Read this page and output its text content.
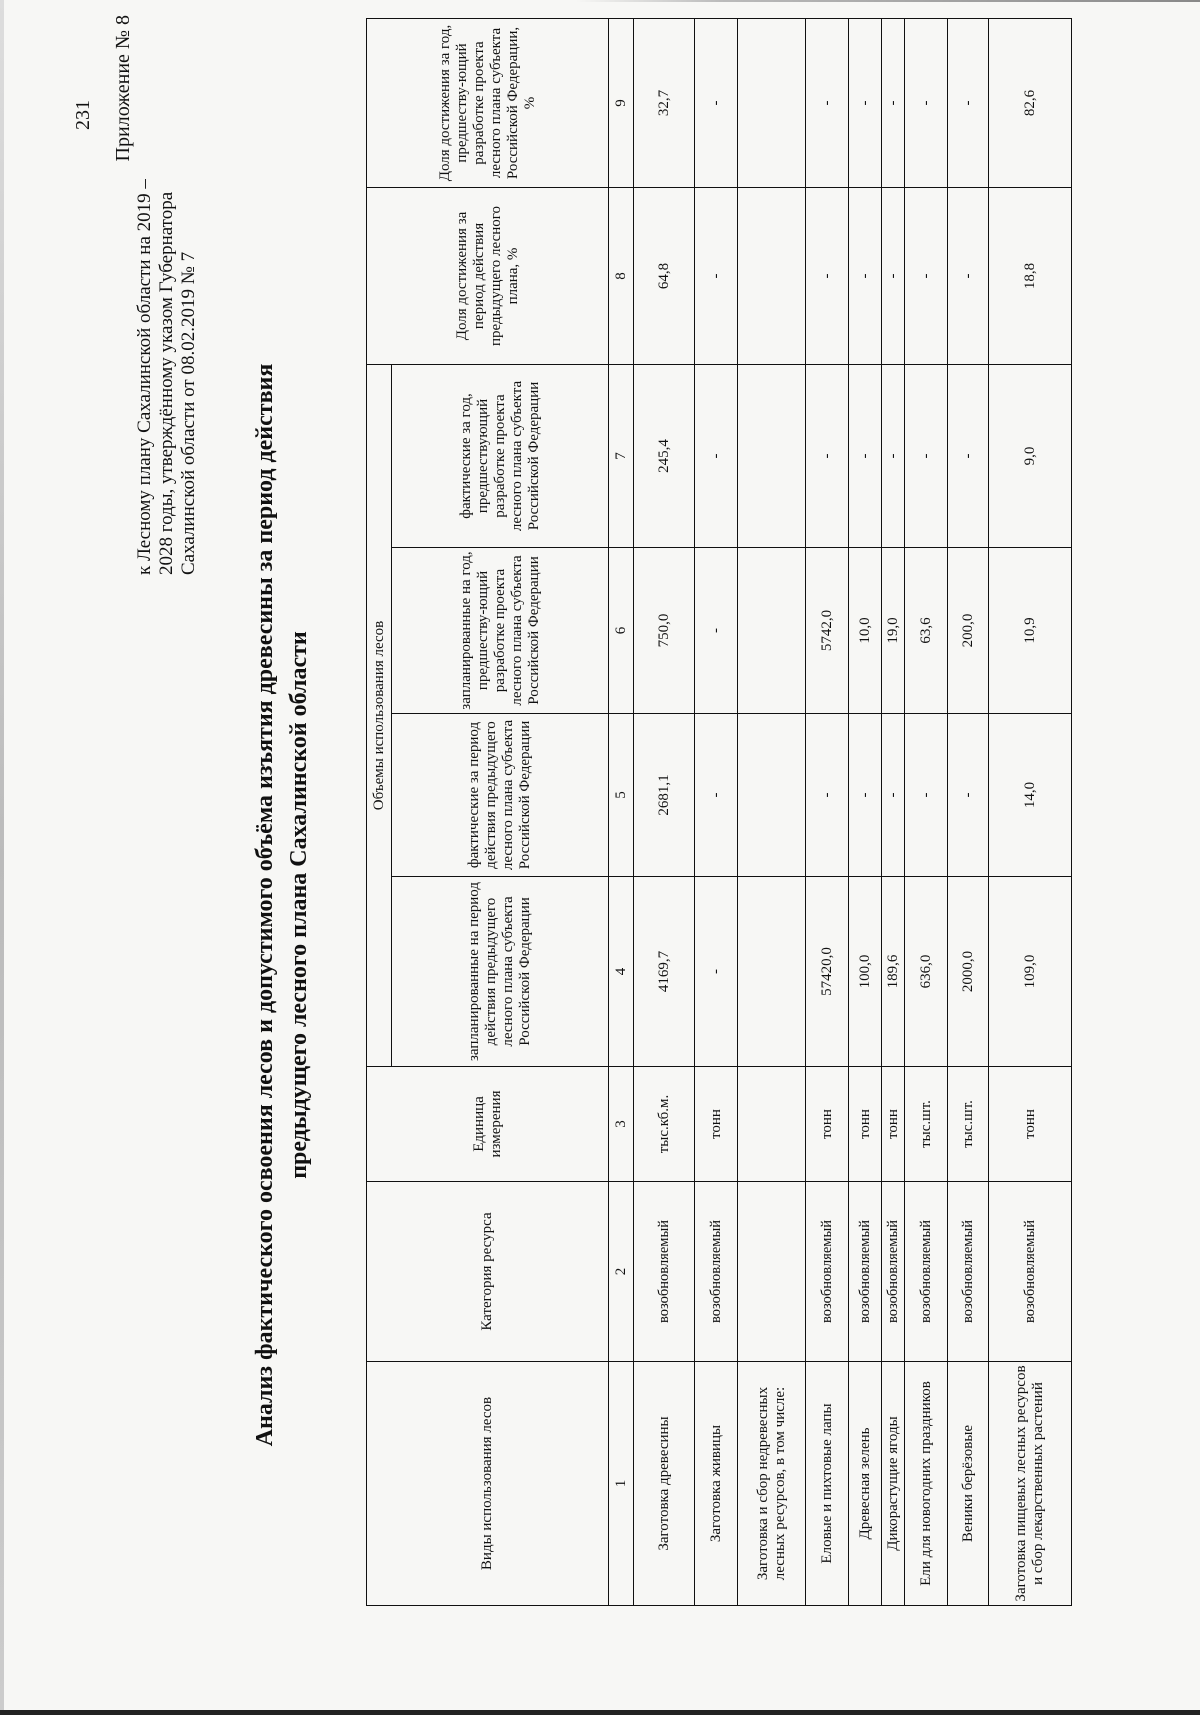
231 Приложение № 8
к Лесному плану Сахалинской области на 2019 – 2028 годы, утверждённому указом Губернатора Сахалинской области от 08.02.2019 № 7 Анализ фактического освоения лесов и допустимого объёма изъятия древесины за период действия предыдущего лесного плана Сахалинской области
Виды использования лесов	Категория ресурса	Единица измерения	Объемы использования лесов				Доля достижения за период действия предыдущего лесного плана, %	Доля достижения за год, предшеству-ющий разработке проекта лесного плана субъекта Российской Федерации, %
			запланированные на период действия предыдущего лесного плана субъекта Российской Федерации	фактические за период действия предыдущего лесного плана субъекта Российской Федерации	запланированные на год, предшеству-ющий разработке проекта лесного плана субъекта Российской Федерации	фактические за год, предшествующий разработке проекта лесного плана субъекта Российской Федерации		
1	2	3	4	5	6	7	8	9
Заготовка древесины	возобновляемый	тыс.кб.м.	4169,7	2681,1	750,0	245,4	64,8	32,7
Заготовка живицы	возобновляемый	тонн	-	-	-	-	-	-
Заготовка и сбор недревесных лесных ресурсов, в том числе:								
Еловые и пихтовые лапы	возобновляемый	тонн	57420,0	-	5742,0	-	-	-
Древесная зелень	возобновляемый	тонн	100,0	-	10,0	-	-	-
Дикорастущие ягоды	возобновляемый	тонн	189,6	-	19,0	-	-	-
Ели для новогодних праздников	возобновляемый	тыс.шт.	636,0	-	63,6	-	-	-
Веники берёзовые	возобновляемый	тыс.шт.	2000,0	-	200,0	-	-	-
Заготовка пищевых лесных ресурсов и сбор лекарственных растений	возобновляемый	тонн	109,0	14,0	10,9	9,0	18,8	82,6
